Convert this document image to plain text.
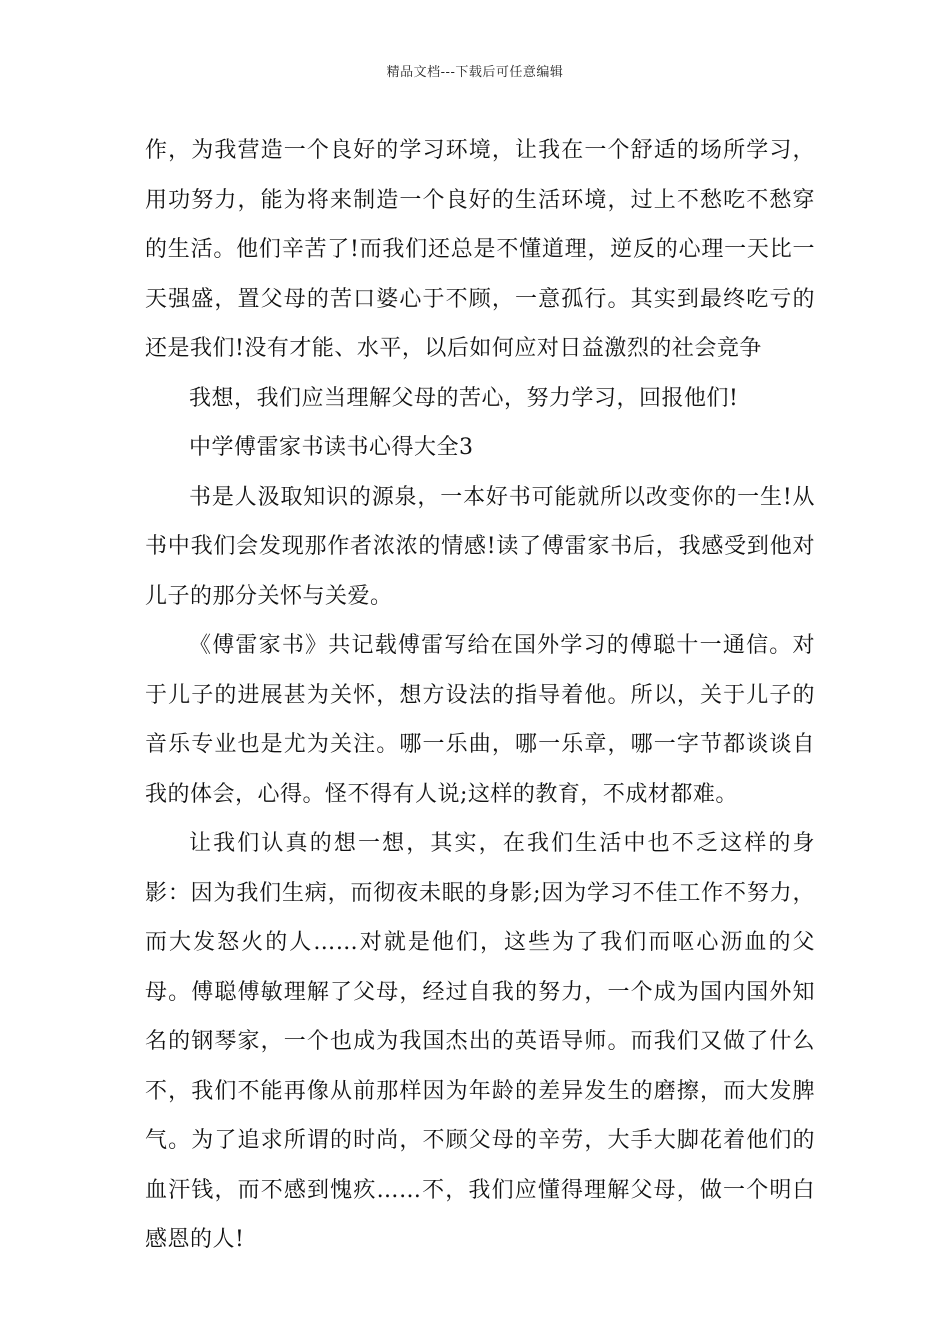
精品文档---下载后可任意编辑

作，为我营造一个良好的学习环境，让我在一个舒适的场所学习，用功努力，能为将来制造一个良好的生活环境，过上不愁吃不愁穿的生活。他们辛苦了!而我们还总是不懂道理，逆反的心理一天比一天强盛，置父母的苦口婆心于不顾，一意孤行。其实到最终吃亏的还是我们!没有才能、水平，以后如何应对日益激烈的社会竞争

我想，我们应当理解父母的苦心，努力学习，回报他们!

中学傅雷家书读书心得大全3

书是人汲取知识的源泉，一本好书可能就所以改变你的一生!从书中我们会发现那作者浓浓的情感!读了傅雷家书后，我感受到他对儿子的那分关怀与关爱。

《傅雷家书》共记载傅雷写给在国外学习的傅聪十一通信。对于儿子的进展甚为关怀，想方设法的指导着他。所以，关于儿子的音乐专业也是尤为关注。哪一乐曲，哪一乐章，哪一字节都谈谈自我的体会，心得。怪不得有人说;这样的教育，不成材都难。

让我们认真的想一想，其实，在我们生活中也不乏这样的身影：因为我们生病，而彻夜未眠的身影;因为学习不佳工作不努力，而大发怒火的人……对就是他们，这些为了我们而呕心沥血的父母。傅聪傅敏理解了父母，经过自我的努力，一个成为国内国外知名的钢琴家，一个也成为我国杰出的英语导师。而我们又做了什么不，我们不能再像从前那样因为年龄的差异发生的磨擦，而大发脾气。为了追求所谓的时尚，不顾父母的辛劳，大手大脚花着他们的血汗钱，而不感到愧疚……不，我们应懂得理解父母，做一个明白感恩的人!
